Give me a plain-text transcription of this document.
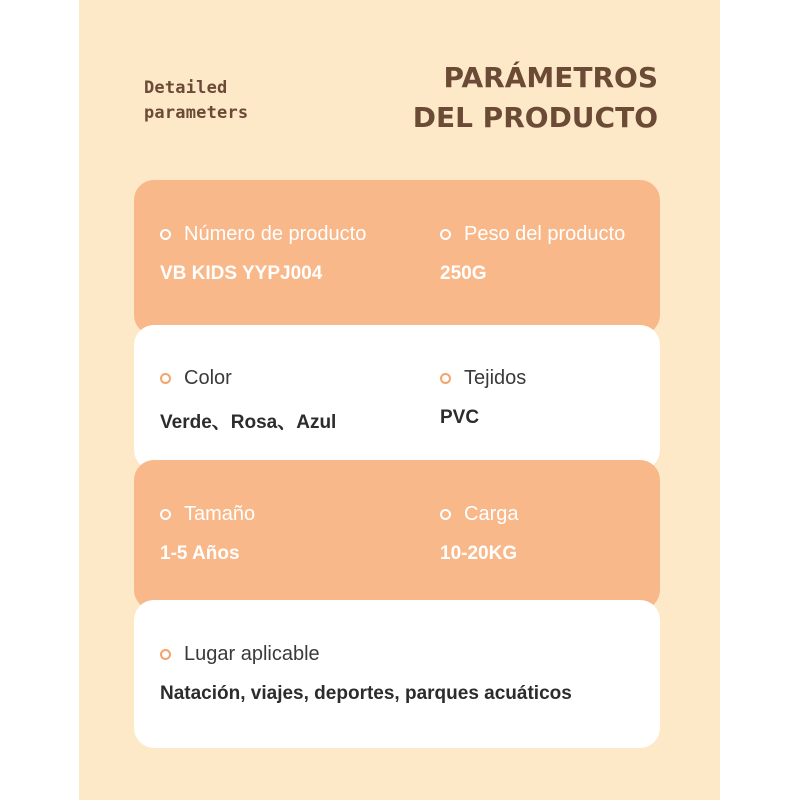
Detailed
parameters
PARÁMETROS
DEL PRODUCTO
Número de producto
VB KIDS YYPJ004
Peso del producto
250G
Color
Verde、Rosa、Azul
Tejidos
PVC
Tamaño
1-5 Años
Carga
10-20KG
Lugar aplicable
Natación, viajes, deportes, parques acuáticos
